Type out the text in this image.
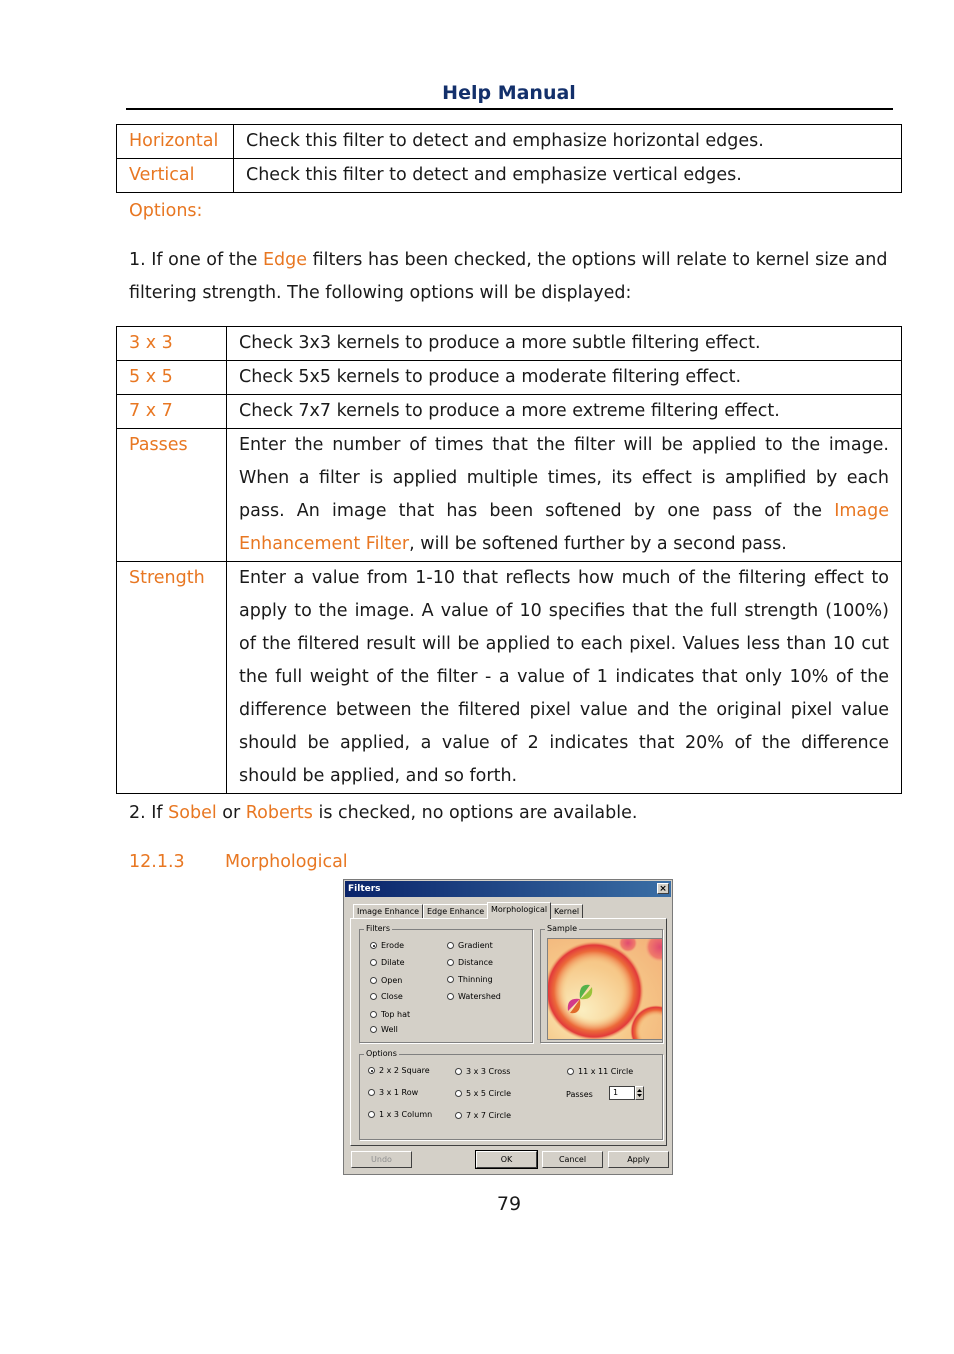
Help Manual
Horizontal	Check this filter to detect and emphasize horizontal edges.
Vertical	Check this filter to detect and emphasize vertical edges.
Options:
1. If one of the Edge filters has been checked, the options will relate to kernel size and filtering strength. The following options will be displayed:
3 x 3	Check 3x3 kernels to produce a more subtle filtering effect.
5 x 5	Check 5x5 kernels to produce a moderate filtering effect.
7 x 7	Check 7x7 kernels to produce a more extreme filtering effect.
Passes	Enter the number of times that the filter will be applied to the image. When a filter is applied multiple times, its effect is amplified by each pass. An image that has been softened by one pass of the Image Enhancement Filter, will be softened further by a second pass.
Strength	Enter a value from 1-10 that reflects how much of the filtering effect to apply to the image. A value of 10 specifies that the full strength (100%) of the filtered result will be applied to each pixel. Values less than 10 cut the full weight of the filter - a value of 1 indicates that only 10% of the difference between the filtered pixel value and the original pixel value should be applied, a value of 2 indicates that 20% of the difference should be applied, and so forth.
2. If Sobel or Roberts is checked, no options are available.
12.1.3 Morphological
Filters	×
Image Enhance Edge Enhance Morphological Kernel
Filters
Erode
Dilate
Open
Close
Top hat
Well
Gradient
Distance
Thinning
Watershed
Sample
Options
2 x 2 Square
3 x 1 Row
1 x 3 Column
3 x 3 Cross
5 x 5 Circle
7 x 7 Circle
11 x 11 Circle
Passes	1
Undo	OK	Cancel	Apply
79
